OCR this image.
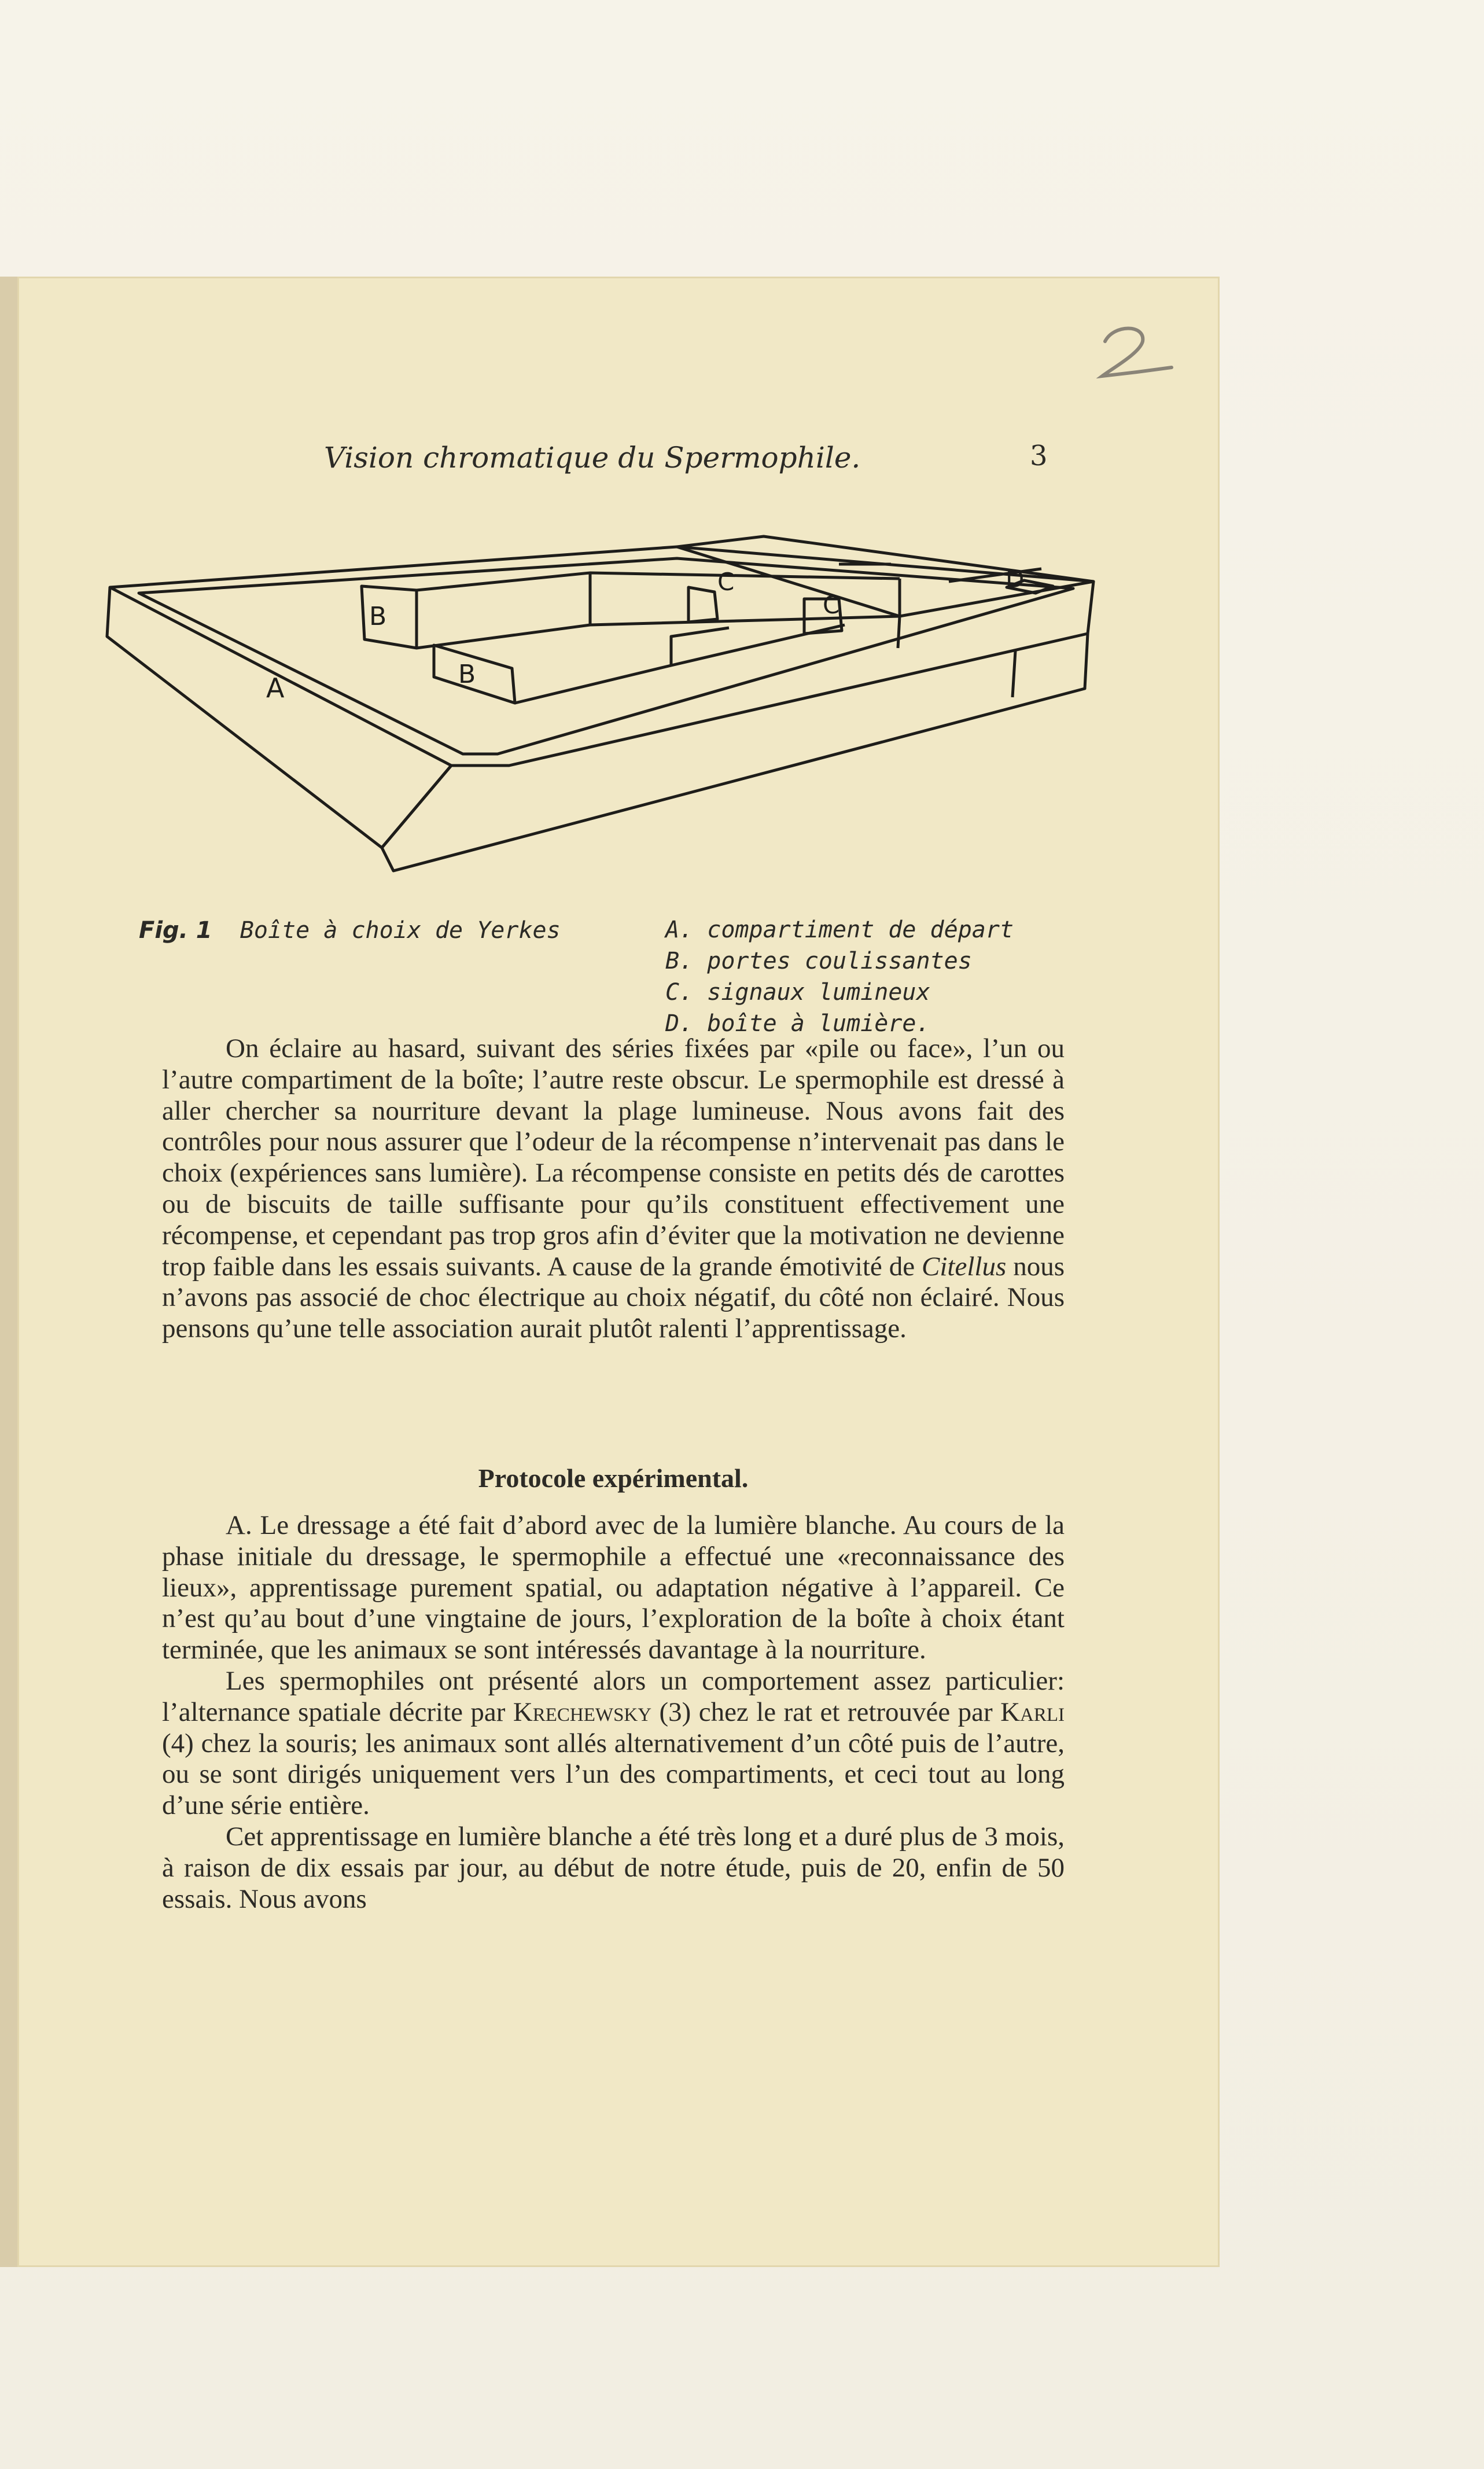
Vision chromatique du Spermophile.	3
A
B
B
C
C
D
Fig. 1 Boîte à choix de Yerkes	A. compartiment de départ
B. portes coulissantes
C. signaux lumineux
D. boîte à lumière.

On éclaire au hasard, suivant des séries fixées par «pile ou face», l’un ou l’autre compartiment de la boîte; l’autre reste obscur. Le spermophile est dressé à aller chercher sa nourriture devant la plage lumineuse. Nous avons fait des contrôles pour nous assurer que l’odeur de la récompense n’intervenait pas dans le choix (expériences sans lumière). La récompense consiste en petits dés de carottes ou de biscuits de taille suffisante pour qu’ils constituent effectivement une récompense, et cependant pas trop gros afin d’éviter que la motivation ne devienne trop faible dans les essais suivants. A cause de la grande émotivité de Citellus nous n’avons pas associé de choc électrique au choix négatif, du côté non éclairé. Nous pensons qu’une telle association aurait plutôt ralenti l’apprentissage.

Protocole expérimental.

A. Le dressage a été fait d’abord avec de la lumière blanche. Au cours de la phase initiale du dressage, le spermophile a effectué une «reconnaissance des lieux», apprentissage purement spatial, ou adaptation négative à l’appareil. Ce n’est qu’au bout d’une vingtaine de jours, l’exploration de la boîte à choix étant terminée, que les animaux se sont intéressés davantage à la nourriture.

Les spermophiles ont présenté alors un comportement assez particulier: l’alternance spatiale décrite par Krechewsky (3) chez le rat et retrouvée par Karli (4) chez la souris; les animaux sont allés alternativement d’un côté puis de l’autre, ou se sont dirigés uniquement vers l’un des compartiments, et ceci tout au long d’une série entière.

Cet apprentissage en lumière blanche a été très long et a duré plus de 3 mois, à raison de dix essais par jour, au début de notre étude, puis de 20, enfin de 50 essais. Nous avons
